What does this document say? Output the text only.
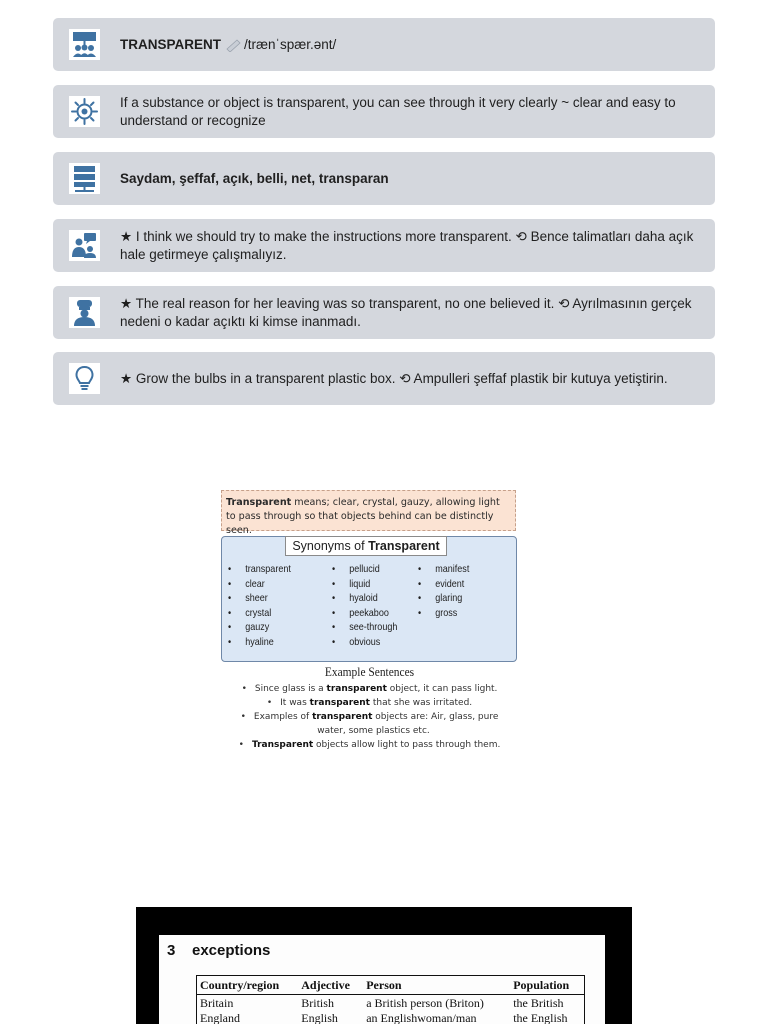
TRANSPARENT /trænˈspær.ənt/
If a substance or object is transparent, you can see through it very clearly ~ clear and easy to understand or recognize
Saydam, şeffaf, açık, belli, net, transparan
★ I think we should try to make the instructions more transparent. ⟲ Bence talimatları daha açık hale getirmeye çalışmalıyız.
★ The real reason for her leaving was so transparent, no one believed it. ⟲ Ayrılmasının gerçek nedeni o kadar açıktı ki kimse inanmadı.
★ Grow the bulbs in a transparent plastic box. ⟲ Ampulleri şeffaf plastik bir kutuya yetiştirin.
Transparent means; clear, crystal, gauzy, allowing light to pass through so that objects behind can be distinctly seen.
Synonyms of Transparent
• transparent
• clear
• sheer
• crystal
• gauzy
• hyaline
• pellucid
• liquid
• hyaloid
• peekaboo
• see-through
• obvious
• manifest
• evident
• glaring
• gross
Example Sentences
• Since glass is a transparent object, it can pass light.
• It was transparent that she was irritated.
• Examples of transparent objects are: Air, glass, pure
water, some plastics etc.
• Transparent objects allow light to pass through them.
3 exceptions
Country/region	Adjective	Person	Population
Britain	British	a British person (Briton)	the British
England	English	an Englishwoman/man	the English
